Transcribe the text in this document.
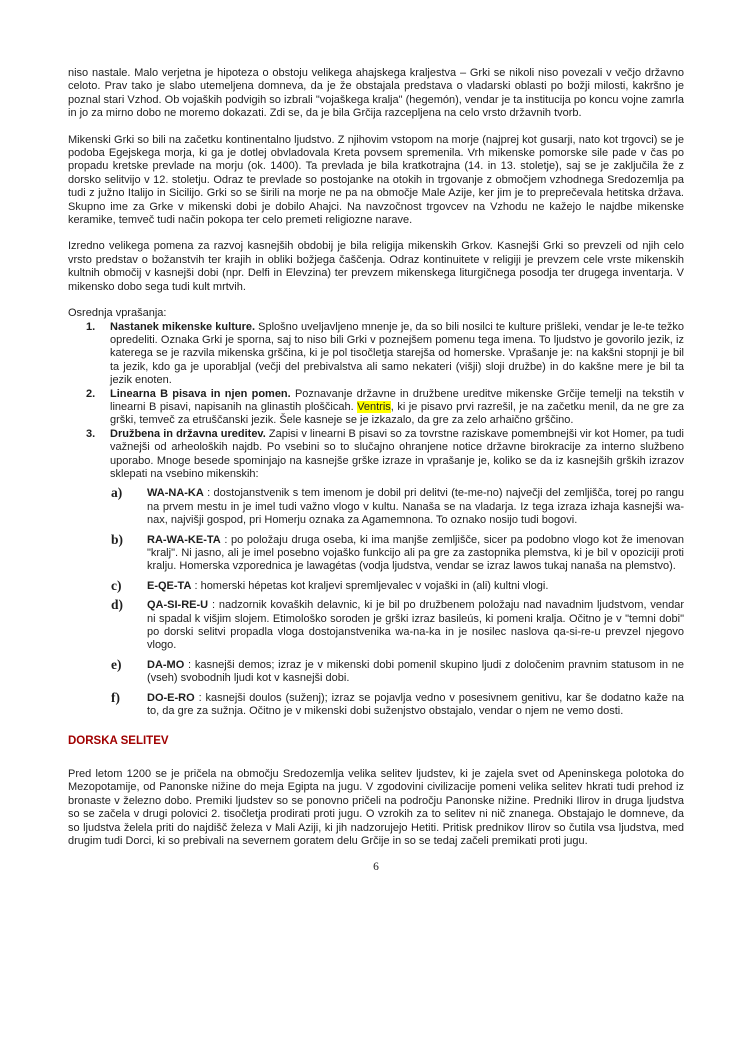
niso nastale. Malo verjetna je hipoteza o obstoju velikega ahajskega kraljestva – Grki se nikoli niso povezali v večjo državno celoto. Prav tako je slabo utemeljena domneva, da je že obstajala predstava o vladarski oblasti po božji milosti, kakršno je poznal stari Vzhod. Ob vojaških podvigih so izbrali "vojaškega kralja" (hegemón), vendar je ta institucija po koncu vojne zamrla in jo za mirno dobo ne moremo dokazati. Zdi se, da je bila Grčija razcepljena na celo vrsto državnih tvorb.

Mikenski Grki so bili na začetku kontinentalno ljudstvo. Z njihovim vstopom na morje (najprej kot gusarji, nato kot trgovci) se je podoba Egejskega morja, ki ga je dotlej obvladovala Kreta povsem spremenila. Vrh mikenske pomorske sile pade v čas po propadu kretske prevlade na morju (ok. 1400). Ta prevlada je bila kratkotrajna (14. in 13. stoletje), saj se je zaključila že z dorsko selitvijo v 12. stoletju. Odraz te prevlade so postojanke na otokih in trgovanje z območjem vzhodnega Sredozemlja pa tudi z južno Italijo in Sicilijo. Grki so se širili na morje ne pa na območje Male Azije, ker jim je to preprečevala hetitska država. Skupno ime za Grke v mikenski dobi je dobilo Ahajci. Na navzočnost trgovcev na Vzhodu ne kažejo le najdbe mikenske keramike, temveč tudi način pokopa ter celo premeti religiozne narave.

Izredno velikega pomena za razvoj kasnejših obdobij je bila religija mikenskih Grkov. Kasnejši Grki so prevzeli od njih celo vrsto predstav o božanstvih ter krajih in obliki božjega čaščenja. Odraz kontinuitete v religiji je prevzem cele vrste mikenskih kultnih območij v kasnejši dobi (npr. Delfi in Elevzina) ter prevzem mikenskega liturgičnega posodja ter drugega inventarja. V mikensko dobo sega tudi kult mrtvih.

Osrednja vprašanja:

1. Nastanek mikenske kulture. Splošno uveljavljeno mnenje je, da so bili nosilci te kulture prišleki, vendar je le-te težko opredeliti. Oznaka Grki je sporna, saj to niso bili Grki v poznejšem pomenu tega imena. To ljudstvo je govorilo jezik, iz katerega se je razvila mikenska grščina, ki je pol tisočletja starejša od homerske. Vprašanje je: na kakšni stopnji je bil ta jezik, kdo ga je uporabljal (večji del prebivalstva ali samo nekateri (višji) sloji družbe) in do kakšne mere je bil ta jezik enoten.
2. Linearna B pisava in njen pomen. Poznavanje državne in družbene ureditve mikenske Grčije temelji na tekstih v linearni B pisavi, napisanih na glinastih ploščicah. Ventris, ki je pisavo prvi razrešil, je na začetku menil, da ne gre za grški, temveč za etruščanski jezik. Šele kasneje se je izkazalo, da gre za zelo arhaično grščino.
3. Družbena in državna ureditev. Zapisi v linearni B pisavi so za tovrstne raziskave pomembnejši vir kot Homer, pa tudi važnejši od arheoloških najdb. Po vsebini so to slučajno ohranjene notice državne birokracije za interno službeno uporabo. Mnoge besede spominjajo na kasnejše grške izraze in vprašanje je, koliko se da iz kasnejših grških izrazov sklepati na vsebino mikenskih:
a) WA-NA-KA : dostojanstvenik s tem imenom je dobil pri delitvi (te-me-no) največji del zemljišča, torej po rangu na prvem mestu in je imel tudi važno vlogo v kultu. Nanaša se na vladarja. Iz tega izraza izhaja kasnejši wa-nax, najvišji gospod, pri Homerju oznaka za Agamemnona. To oznako nosijo tudi bogovi.
b) RA-WA-KE-TA : po položaju druga oseba, ki ima manjše zemljišče, sicer pa podobno vlogo kot že imenovan "kralj". Ni jasno, ali je imel posebno vojaško funkcijo ali pa gre za zastopnika plemstva, ki je bil v opoziciji proti kralju. Homerska vzporednica je lawagétas (vodja ljudstva, vendar se izraz lawos tukaj nanaša na plemstvo).
c) E-QE-TA : homerski hépetas kot kraljevi spremljevalec v vojaški in (ali) kultni vlogi.
d) QA-SI-RE-U : nadzornik kovaških delavnic, ki je bil po družbenem položaju nad navadnim ljudstvom, vendar ni spadal k višjim slojem. Etimološko soroden je grški izraz basileús, ki pomeni kralja. Očitno je v "temni dobi" po dorski selitvi propadla vloga dostojanstvenika wa-na-ka in je nosilec naslova qa-si-re-u prevzel njegovo vlogo.
e) DA-MO : kasnejši demos; izraz je v mikenski dobi pomenil skupino ljudi z določenim pravnim statusom in ne (vseh) svobodnih ljudi kot v kasnejši dobi.
f) DO-E-RO : kasnejši doulos (suženj); izraz se pojavlja vedno v posesivnem genitivu, kar še dodatno kaže na to, da gre za sužnja. Očitno je v mikenski dobi suženjstvo obstajalo, vendar o njem ne vemo dosti.
DORSKA SELITEV

Pred letom 1200 se je pričela na območju Sredozemlja velika selitev ljudstev, ki je zajela svet od Apeninskega polotoka do Mezopotamije, od Panonske nižine do meja Egipta na jugu. V zgodovini civilizacije pomeni velika selitev hkrati tudi prehod iz bronaste v železno dobo. Premiki ljudstev so se ponovno pričeli na področju Panonske nižine. Predniki Ilirov in druga ljudstva so se začela v drugi polovici 2. tisočletja prodirati proti jugu. O vzrokih za to selitev ni nič znanega. Obstajajo le domneve, da so ljudstva želela priti do najdišč železa v Mali Aziji, ki jih nadzorujejo Hetiti. Pritisk prednikov Ilirov so čutila vsa ljudstva, med drugim tudi Dorci, ki so prebivali na severnem goratem delu Grčije in so se tedaj začeli premikati proti jugu.

6
